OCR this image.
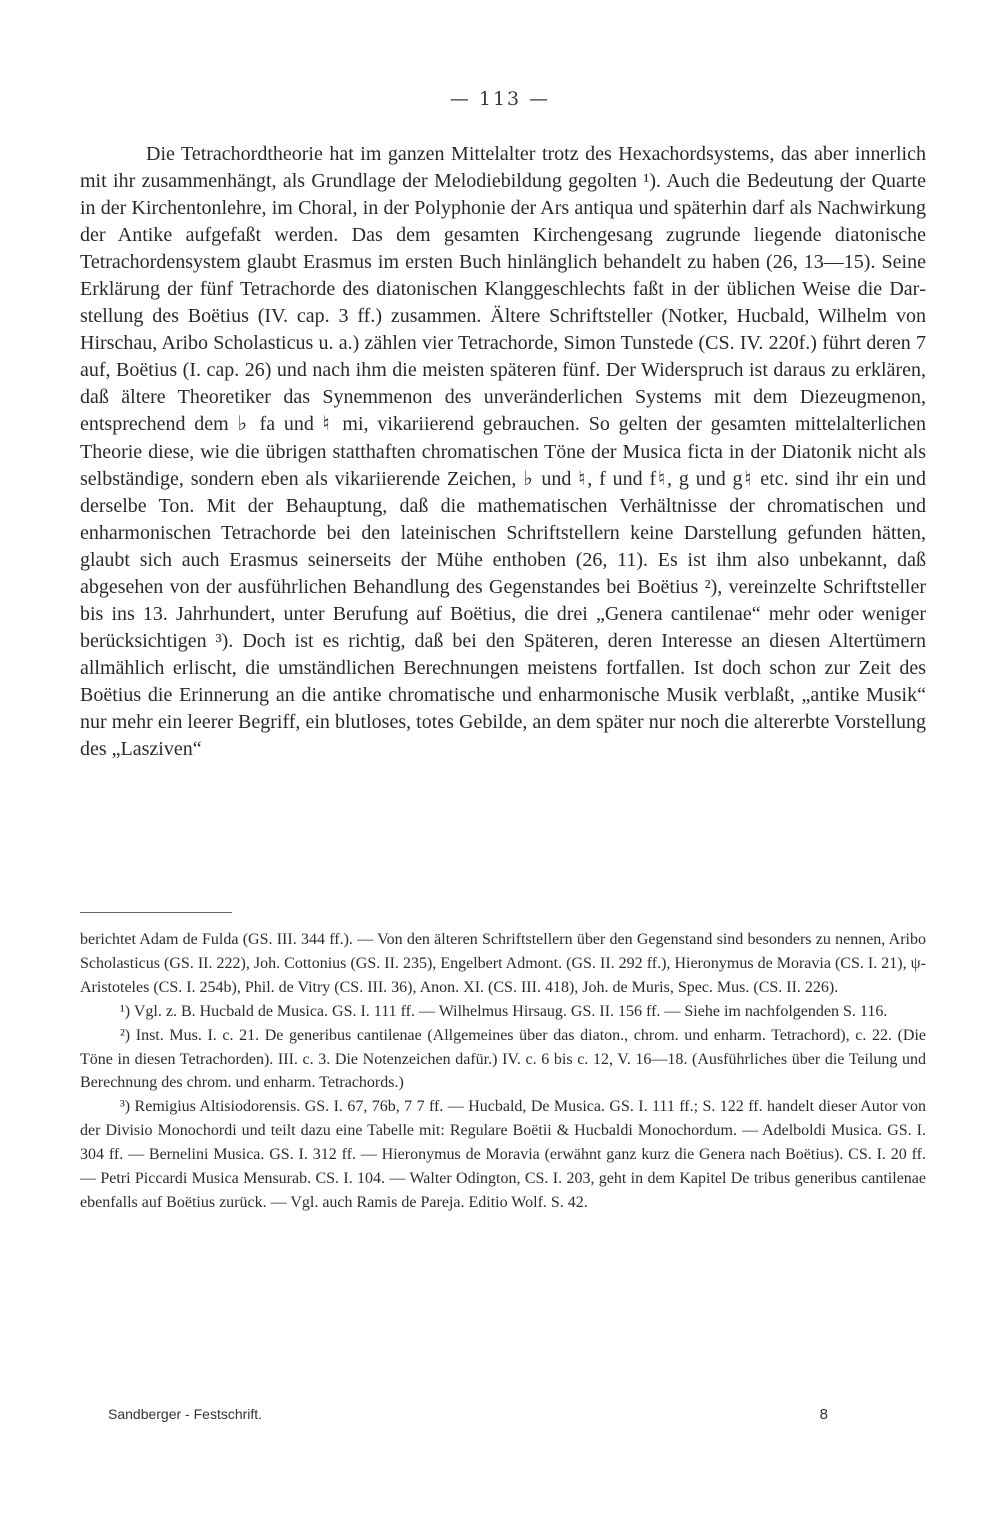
— 113 —

Die Tetrachordtheorie hat im ganzen Mittelalter trotz des Hexachordsystems, das aber innerlich mit ihr zusammenhängt, als Grundlage der Melodiebildung gegolten ¹). Auch die Bedeutung der Quarte in der Kirchentonlehre, im Choral, in der Polyphonie der Ars antiqua und späterhin darf als Nachwirkung der Antike aufgefaßt werden. Das dem gesamten Kirchengesang zugrunde liegende diatonische Tetrachordensystem glaubt Erasmus im ersten Buch hinlänglich behandelt zu haben (26, 13—15). Seine Erklärung der fünf Tetrachorde des diatonischen Klanggeschlechts faßt in der üblichen Weise die Darstellung des Boëtius (IV. cap. 3 ff.) zusammen. Ältere Schriftsteller (Notker, Hucbald, Wilhelm von Hirschau, Aribo Scholasticus u. a.) zählen vier Tetrachorde, Simon Tunstede (CS. IV. 220f.) führt deren 7 auf, Boëtius (I. cap. 26) und nach ihm die meisten späteren fünf. Der Widerspruch ist daraus zu erklären, daß ältere Theoretiker das Synemmenon des unveränderlichen Systems mit dem Diezeugmenon, entsprechend dem ♭ fa und ♮ mi, vikariierend gebrauchen. So gelten der gesamten mittelalterlichen Theorie diese, wie die übrigen statthaften chromatischen Töne der Musica ficta in der Diatonik nicht als selbständige, sondern eben als vikariierende Zeichen, ♭ und ♮, f und f♮, g und g♮ etc. sind ihr ein und derselbe Ton. Mit der Behauptung, daß die mathematischen Verhältnisse der chromatischen und enharmonischen Tetrachorde bei den lateinischen Schriftstellern keine Darstellung gefunden hätten, glaubt sich auch Erasmus seinerseits der Mühe enthoben (26, 11). Es ist ihm also unbekannt, daß abgesehen von der ausführlichen Behandlung des Gegenstandes bei Boëtius ²), vereinzelte Schriftsteller bis ins 13. Jahrhundert, unter Berufung auf Boëtius, die drei „Genera cantilenae“ mehr oder weniger berücksichtigen ³). Doch ist es richtig, daß bei den Späteren, deren Interesse an diesen Altertümern allmählich erlischt, die umständlichen Berechnungen meistens fortfallen. Ist doch schon zur Zeit des Boëtius die Erinnerung an die antike chromatische und enharmonische Musik verblaßt, „antike Musik“ nur mehr ein leerer Begriff, ein blutloses, totes Gebilde, an dem später nur noch die altererbte Vorstellung des „Lasziven“

berichtet Adam de Fulda (GS. III. 344 ff.). — Von den älteren Schriftstellern über den Gegenstand sind besonders zu nennen, Aribo Scholasticus (GS. II. 222), Joh. Cottonius (GS. II. 235), Engelbert Admont. (GS. II. 292 ff.), Hieronymus de Moravia (CS. I. 21), ψ-Aristoteles (CS. I. 254b), Phil. de Vitry (CS. III. 36), Anon. XI. (CS. III. 418), Joh. de Muris, Spec. Mus. (CS. II. 226).

¹) Vgl. z. B. Hucbald de Musica. GS. I. 111 ff. — Wilhelmus Hirsaug. GS. II. 156 ff. — Siehe im nachfolgenden S. 116.

²) Inst. Mus. I. c. 21. De generibus cantilenae (Allgemeines über das diaton., chrom. und enharm. Tetrachord), c. 22. (Die Töne in diesen Tetrachorden). III. c. 3. Die Notenzeichen dafür.) IV. c. 6 bis c. 12, V. 16—18. (Ausführliches über die Teilung und Berechnung des chrom. und enharm. Tetrachords.)

³) Remigius Altisiodorensis. GS. I. 67, 76b, 7 7 ff. — Hucbald, De Musica. GS. I. 111 ff.; S. 122 ff. handelt dieser Autor von der Divisio Monochordi und teilt dazu eine Tabelle mit: Regulare Boëtii & Hucbaldi Monochordum. — Adelboldi Musica. GS. I. 304 ff. — Bernelini Musica. GS. I. 312 ff. — Hieronymus de Moravia (erwähnt ganz kurz die Genera nach Boëtius). CS. I. 20 ff. — Petri Piccardi Musica Mensurab. CS. I. 104. — Walter Odington, CS. I. 203, geht in dem Kapitel De tribus generibus cantilenae ebenfalls auf Boëtius zurück. — Vgl. auch Ramis de Pareja. Editio Wolf. S. 42.

Sandberger - Festschrift.	8
